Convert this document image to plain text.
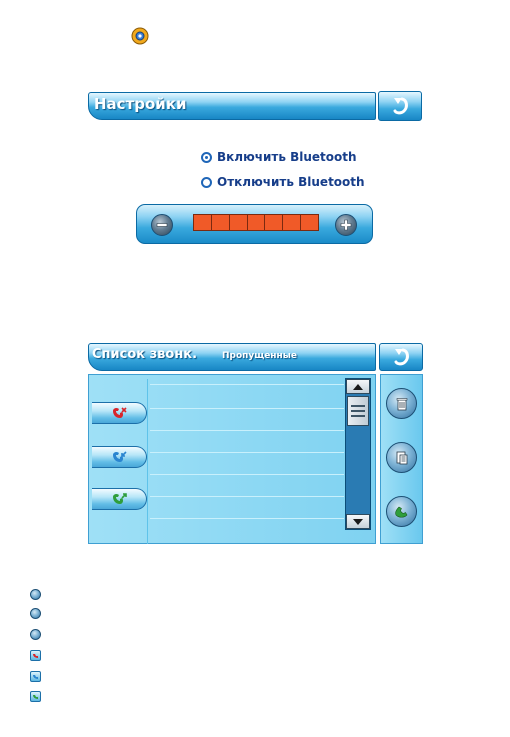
Настройки
Включить Bluetooth
Отключить Bluetooth
Список звонк.	Пропущенные
